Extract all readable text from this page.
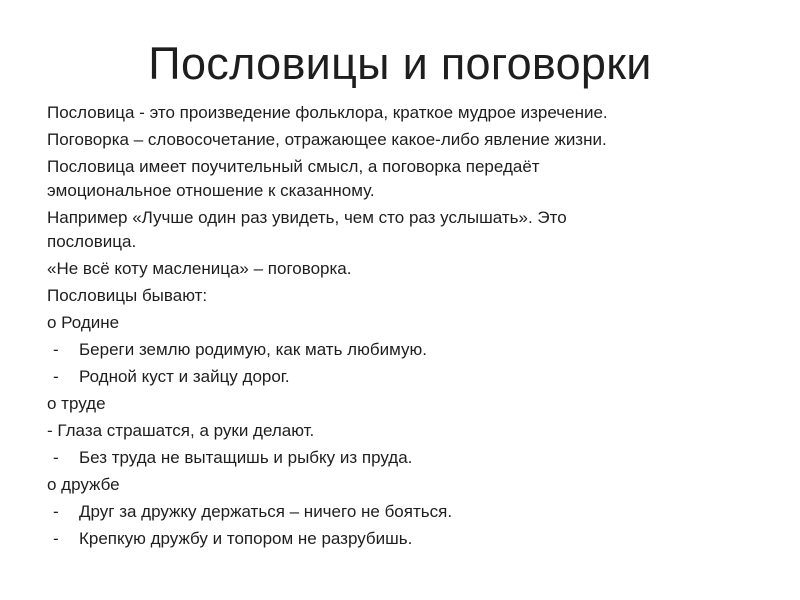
Пословицы и поговорки

Пословица - это произведение фольклора, краткое мудрое изречение.

Поговорка – словосочетание, отражающее какое-либо явление жизни.

Пословица имеет поучительный смысл, а поговорка передаёт
эмоциональное отношение к сказанному.

Например «Лучше один раз увидеть, чем сто раз услышать». Это
пословица.

«Не всё коту масленица» – поговорка.

Пословицы бывают:

о Родине

- Береги землю родимую, как мать любимую.
- Родной куст и зайцу дорог.

о труде

- Глаза страшатся, а руки делают.

- Без труда не вытащишь и рыбку из пруда.

о дружбе

- Друг за дружку держаться – ничего не бояться.
- Крепкую дружбу и топором не разрубишь.
